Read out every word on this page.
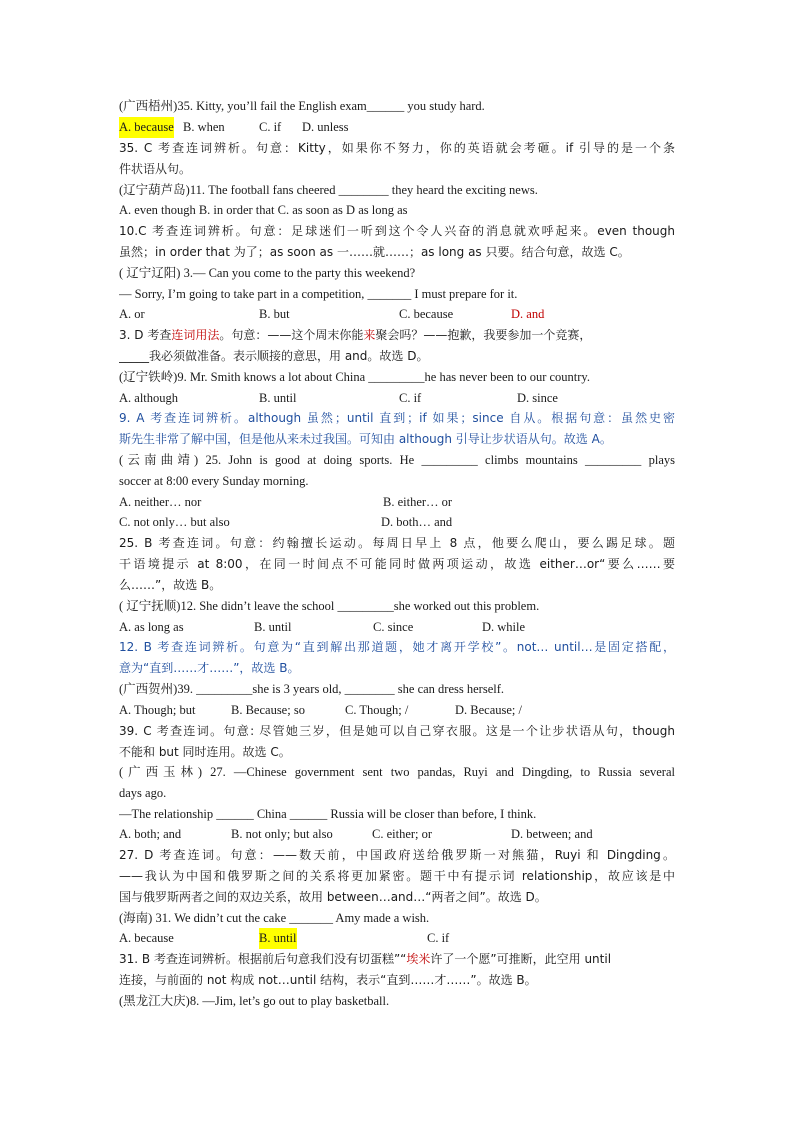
(广西梧州)35. Kitty, you’ll fail the English exam______ you study hard.
A. because B. when	C. if D. unless
35. C 考查连词辨析。句意：Kitty，如果你不努力，你的英语就会考砸。if 引导的是一个条
件状语从句。
(辽宁葫芦岛)11. The football fans cheered ________ they heard the exciting news.
A. even though B. in order that C. as soon as D as long as
10.C 考查连词辨析。句意：足球迷们一听到这个令人兴奋的消息就欢呼起来。even though
虽然；in order that 为了；as soon as 一……就……；as long as 只要。结合句意，故选 C。
( 辽宁辽阳) 3.— Can you come to the party this weekend?
— Sorry, I’m going to take part in a competition, _______ I must prepare for it.
A. or	B. but	C. because	D. and
3. D 考查连词用法。句意：——这个周末你能来聚会吗？——抱歉，我要参加一个竞赛，
_____我必须做准备。表示顺接的意思，用 and。故选 D。
(辽宁铁岭)9. Mr. Smith knows a lot about China _________he has never been to our country.
A. although	B. until	C. if	D. since
9. A 考查连词辨析。although 虽然；until 直到；if 如果；since 自从。根据句意：虽然史密
斯先生非常了解中国，但是他从来未过我国。可知由 although 引导让步状语从句。故选 A。
(云南曲靖) 25. John is good at doing sports. He _________ climbs mountains _________ plays
soccer at 8:00 every Sunday morning.
A. neither… nor	B. either… or
C. not only… but also	D. both… and
25. B 考查连词。句意：约翰擅长运动。每周日早上 8 点，他要么爬山，要么踢足球。题
干语境提示 at 8:00，在同一时间点不可能同时做两项运动，故选 either…or“要么……要
么……”，故选 B。
( 辽宁抚顺)12. She didn’t leave the school _________she worked out this problem.
A. as long as	B. until	C. since	D. while
12. B 考查连词辨析。句意为“直到解出那道题，她才离开学校”。not… until…是固定搭配，
意为“直到……才……”，故选 B。
(广西贺州)39. _________she is 3 years old, ________ she can dress herself.
A. Though; but	B. Because; so	C. Though; /	D. Because; /
39. C 考查连词。句意: 尽管她三岁，但是她可以自己穿衣服。这是一个让步状语从句，though
不能和 but 同时连用。故选 C。
(广西玉林) 27. —Chinese government sent two pandas, Ruyi and Dingding, to Russia several
days ago.
—The relationship ______ China ______ Russia will be closer than before, I think.
A. both; and	B. not only; but also	C. either; or	D. between; and
27. D 考查连词。句意：——数天前，中国政府送给俄罗斯一对熊猫，Ruyi 和 Dingding。
——我认为中国和俄罗斯之间的关系将更加紧密。题干中有提示词 relationship，故应该是中
国与俄罗斯两者之间的双边关系，故用 between…and…“两者之间”。故选 D。
(海南) 31. We didn’t cut the cake _______ Amy made a wish.
A. because	B. until	C. if
31. B 考查连词辨析。根据前后句意我们没有切蛋糕”“埃米许了一个愿”可推断，此空用 until
连接，与前面的 not 构成 not…until 结构，表示“直到……才……”。故选 B。
(黑龙江大庆)8. —Jim, let’s go out to play basketball.
